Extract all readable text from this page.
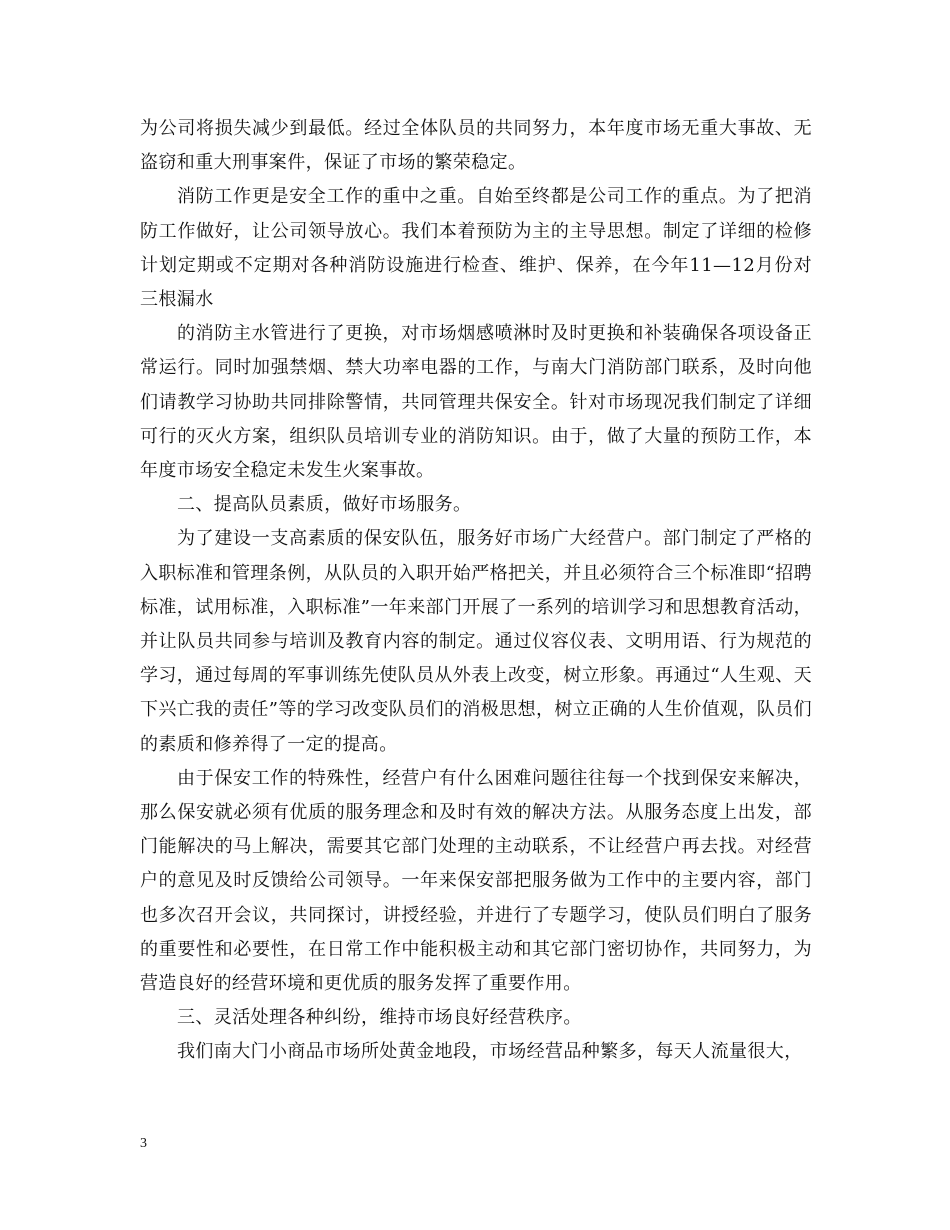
为公司将损失减少到最低。经过全体队员的共同努力，本年度市场无重大事故、无盗窃和重大刑事案件，保证了市场的繁荣稳定。

消防工作更是安全工作的重中之重。自始至终都是公司工作的重点。为了把消防工作做好，让公司领导放心。我们本着预防为主的主导思想。制定了详细的检修计划定期或不定期对各种消防设施进行检查、维护、保养，在今年11—12月份对三根漏水

的消防主水管进行了更换，对市场烟感喷淋时及时更换和补装确保各项设备正常运行。同时加强禁烟、禁大功率电器的工作，与南大门消防部门联系，及时向他们请教学习协助共同排除警情，共同管理共保安全。针对市场现况我们制定了详细可行的灭火方案，组织队员培训专业的消防知识。由于，做了大量的预防工作，本年度市场安全稳定未发生火案事故。

二、提高队员素质，做好市场服务。

为了建设一支高素质的保安队伍，服务好市场广大经营户。部门制定了严格的入职标准和管理条例，从队员的入职开始严格把关，并且必须符合三个标准即“招聘标准，试用标准，入职标准”一年来部门开展了一系列的培训学习和思想教育活动，并让队员共同参与培训及教育内容的制定。通过仪容仪表、文明用语、行为规范的学习，通过每周的军事训练先使队员从外表上改变，树立形象。再通过“人生观、天下兴亡我的责任”等的学习改变队员们的消极思想，树立正确的人生价值观，队员们的素质和修养得了一定的提高。

由于保安工作的特殊性，经营户有什么困难问题往往每一个找到保安来解决，那么保安就必须有优质的服务理念和及时有效的解决方法。从服务态度上出发，部门能解决的马上解决，需要其它部门处理的主动联系，不让经营户再去找。对经营户的意见及时反馈给公司领导。一年来保安部把服务做为工作中的主要内容，部门也多次召开会议，共同探讨，讲授经验，并进行了专题学习，使队员们明白了服务的重要性和必要性，在日常工作中能积极主动和其它部门密切协作，共同努力，为营造良好的经营环境和更优质的服务发挥了重要作用。

三、灵活处理各种纠纷，维持市场良好经营秩序。

我们南大门小商品市场所处黄金地段，市场经营品种繁多，每天人流量很大，

3
